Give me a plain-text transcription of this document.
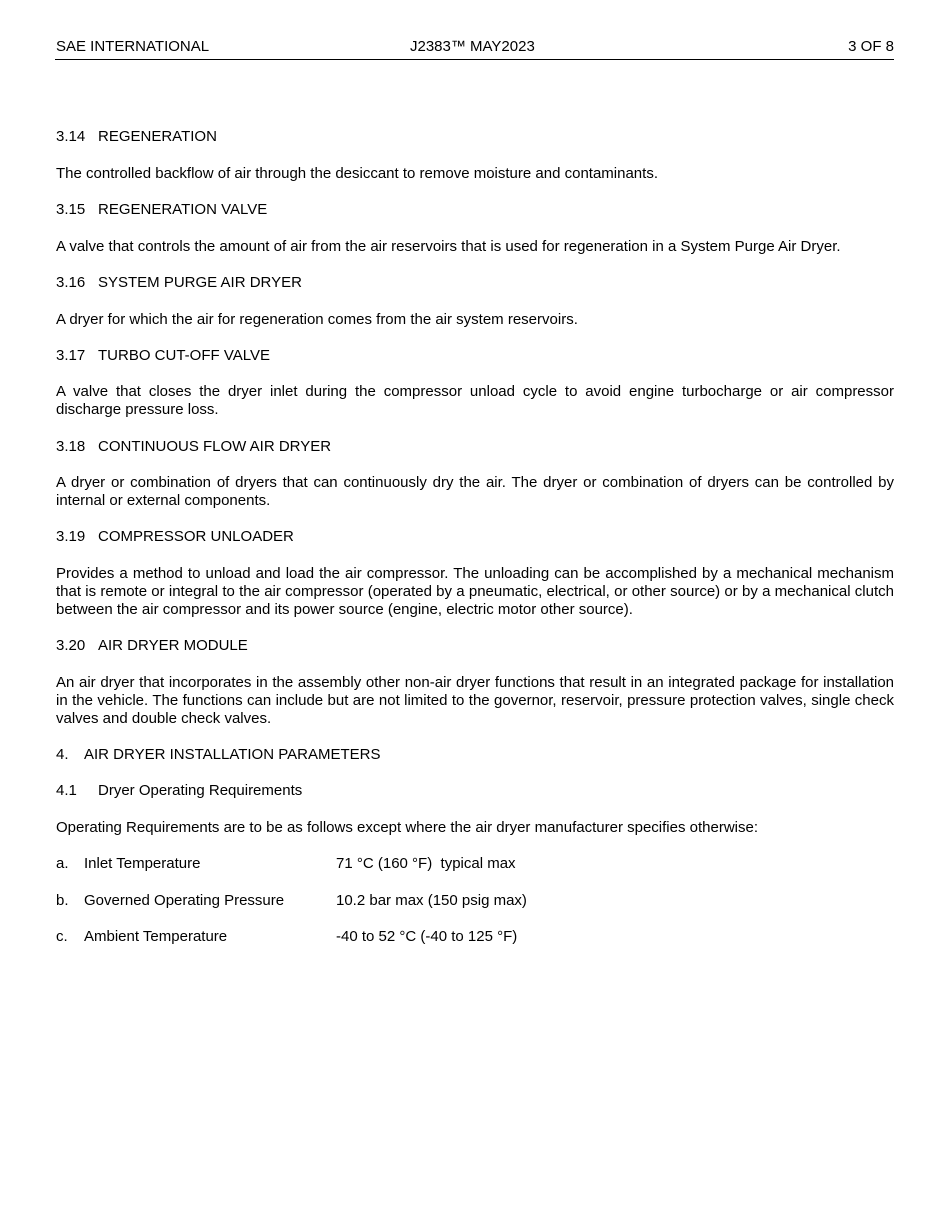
SAE INTERNATIONAL	J2383™ MAY2023	3 OF 8

3.14 REGENERATION

The controlled backflow of air through the desiccant to remove moisture and contaminants.

3.15 REGENERATION VALVE

A valve that controls the amount of air from the air reservoirs that is used for regeneration in a System Purge Air Dryer.

3.16 SYSTEM PURGE AIR DRYER

A dryer for which the air for regeneration comes from the air system reservoirs.

3.17 TURBO CUT-OFF VALVE

A valve that closes the dryer inlet during the compressor unload cycle to avoid engine turbocharge or air compressor discharge pressure loss.

3.18 CONTINUOUS FLOW AIR DRYER

A dryer or combination of dryers that can continuously dry the air. The dryer or combination of dryers can be controlled by internal or external components.

3.19 COMPRESSOR UNLOADER

Provides a method to unload and load the air compressor. The unloading can be accomplished by a mechanical mechanism that is remote or integral to the air compressor (operated by a pneumatic, electrical, or other source) or by a mechanical clutch between the air compressor and its power source (engine, electric motor other source).

3.20 AIR DRYER MODULE

An air dryer that incorporates in the assembly other non-air dryer functions that result in an integrated package for installation in the vehicle. The functions can include but are not limited to the governor, reservoir, pressure protection valves, single check valves and double check valves.

4. AIR DRYER INSTALLATION PARAMETERS

4.1 Dryer Operating Requirements

Operating Requirements are to be as follows except where the air dryer manufacturer specifies otherwise:

a. Inlet Temperature	71 °C (160 °F)  typical max
b. Governed Operating Pressure	10.2 bar max (150 psig max)
c. Ambient Temperature	-40 to 52 °C (-40 to 125 °F)
